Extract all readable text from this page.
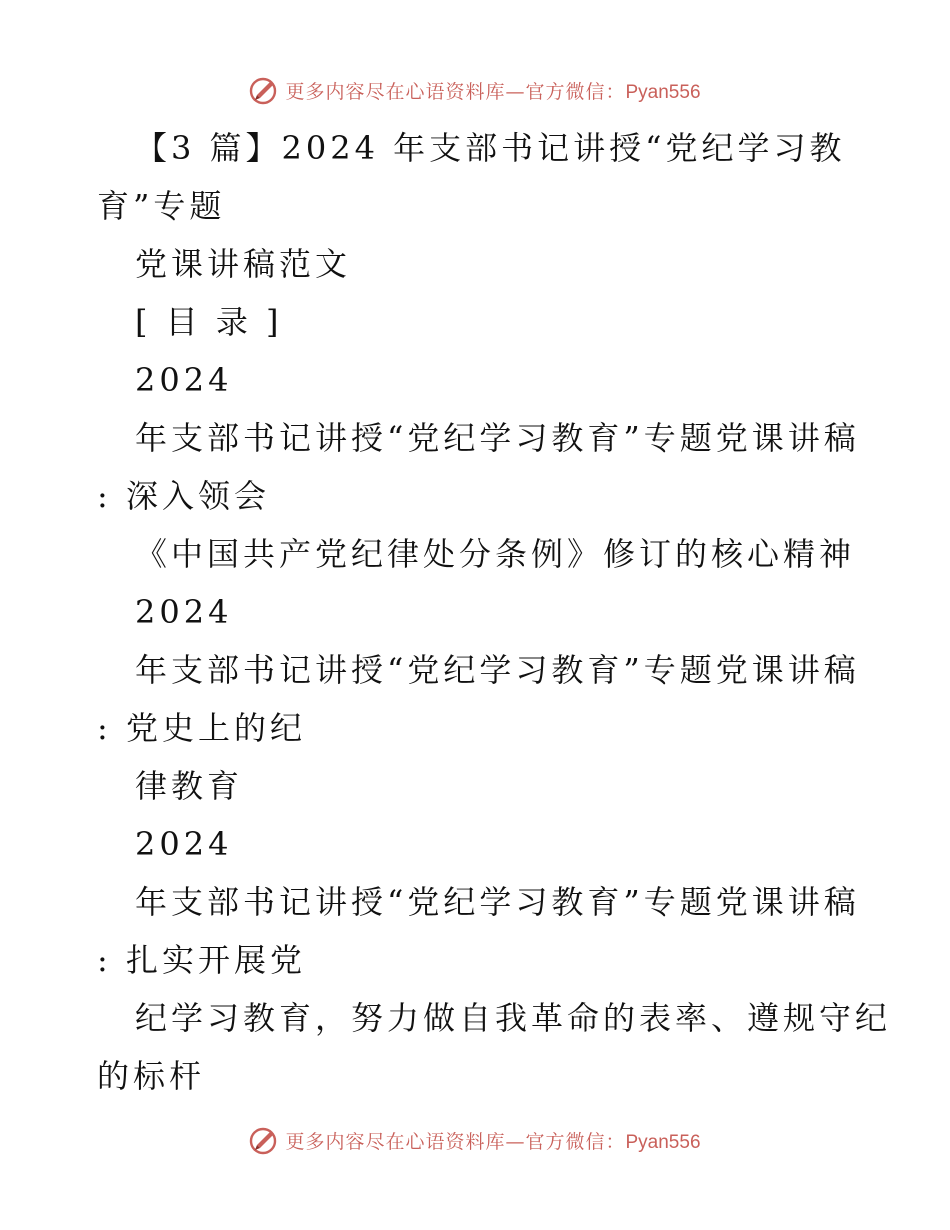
更多内容尽在心语资料库—官方微信：Pyan556
【3 篇】2024 年支部书记讲授“党纪学习教
育”专题
党课讲稿范文
[ 目 录 ]
2024
年支部书记讲授“党纪学习教育”专题党课讲稿
: 深入领会
《中国共产党纪律处分条例》修订的核心精神
2024
年支部书记讲授“党纪学习教育”专题党课讲稿
: 党史上的纪
律教育
2024
年支部书记讲授“党纪学习教育”专题党课讲稿
: 扎实开展党
纪学习教育，努力做自我革命的表率、遵规守纪
的标杆
更多内容尽在心语资料库—官方微信：Pyan556
